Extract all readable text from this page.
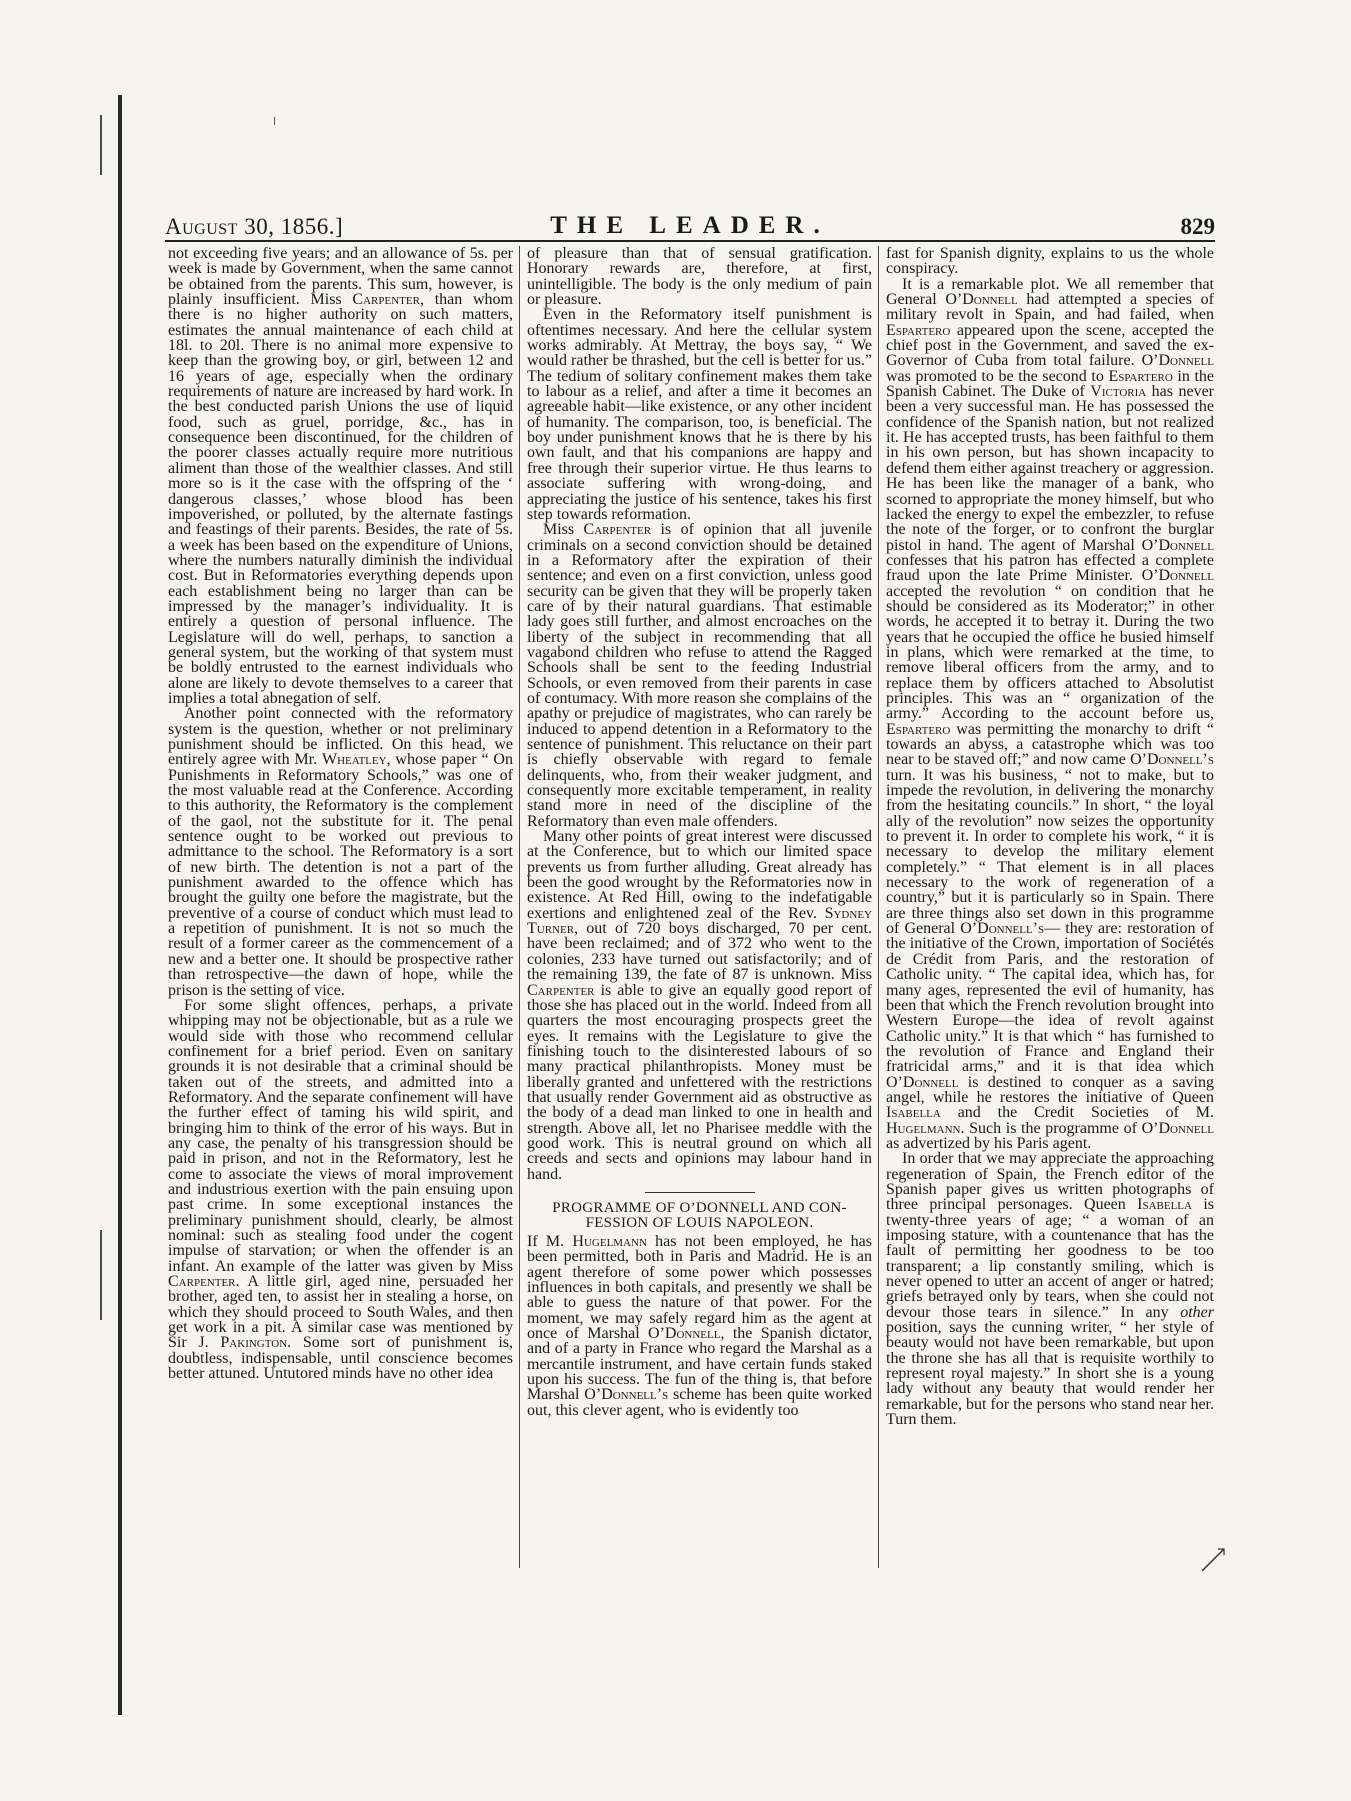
August 30, 1856.]	THE LEADER.	829

not exceeding five years; and an allowance of 5s. per week is made by Government, when the same cannot be obtained from the parents. This sum, however, is plainly insufficient. Miss Carpenter, than whom there is no higher authority on such matters, estimates the annual maintenance of each child at 18l. to 20l. There is no animal more expensive to keep than the growing boy, or girl, between 12 and 16 years of age, especially when the ordinary requirements of nature are increased by hard work. In the best conducted parish Unions the use of liquid food, such as gruel, porridge, &c., has in consequence been discontinued, for the children of the poorer classes actually require more nutritious aliment than those of the wealthier classes. And still more so is it the case with the offspring of the ‘ dangerous classes,’ whose blood has been impoverished, or polluted, by the alternate fastings and feastings of their parents. Besides, the rate of 5s. a week has been based on the expenditure of Unions, where the numbers naturally diminish the individual cost. But in Reformatories everything depends upon each establishment being no larger than can be impressed by the manager’s individuality. It is entirely a question of personal influence. The Legislature will do well, perhaps, to sanction a general system, but the working of that system must be boldly entrusted to the earnest individuals who alone are likely to devote themselves to a career that implies a total abnegation of self.

Another point connected with the reformatory system is the question, whether or not preliminary punishment should be inflicted. On this head, we entirely agree with Mr. Wheatley, whose paper “ On Punishments in Reformatory Schools,” was one of the most valuable read at the Conference. According to this authority, the Reformatory is the complement of the gaol, not the substitute for it. The penal sentence ought to be worked out previous to admittance to the school. The Reformatory is a sort of new birth. The detention is not a part of the punishment awarded to the offence which has brought the guilty one before the magistrate, but the preventive of a course of conduct which must lead to a repetition of punishment. It is not so much the result of a former career as the commencement of a new and a better one. It should be prospective rather than retrospective—the dawn of hope, while the prison is the setting of vice.

For some slight offences, perhaps, a private whipping may not be objectionable, but as a rule we would side with those who recommend cellular confinement for a brief period. Even on sanitary grounds it is not desirable that a criminal should be taken out of the streets, and admitted into a Reformatory. And the separate confinement will have the further effect of taming his wild spirit, and bringing him to think of the error of his ways. But in any case, the penalty of his transgression should be paid in prison, and not in the Reformatory, lest he come to associate the views of moral improvement and industrious exertion with the pain ensuing upon past crime. In some exceptional instances the preliminary punishment should, clearly, be almost nominal: such as stealing food under the cogent impulse of starvation; or when the offender is an infant. An example of the latter was given by Miss Carpenter. A little girl, aged nine, persuaded her brother, aged ten, to assist her in stealing a horse, on which they should proceed to South Wales, and then get work in a pit. A similar case was mentioned by Sir J. Pakington. Some sort of punishment is, doubtless, indispensable, until conscience becomes better attuned. Untutored minds have no other idea

of pleasure than that of sensual gratification. Honorary rewards are, therefore, at first, unintelligible. The body is the only medium of pain or pleasure.

Even in the Reformatory itself punishment is oftentimes necessary. And here the cellular system works admirably. At Mettray, the boys say, “ We would rather be thrashed, but the cell is better for us.” The tedium of solitary confinement makes them take to labour as a relief, and after a time it becomes an agreeable habit—like existence, or any other incident of humanity. The comparison, too, is beneficial. The boy under punishment knows that he is there by his own fault, and that his companions are happy and free through their superior virtue. He thus learns to associate suffering with wrong-doing, and appreciating the justice of his sentence, takes his first step towards reformation.

Miss Carpenter is of opinion that all juvenile criminals on a second conviction should be detained in a Reformatory after the expiration of their sentence; and even on a first conviction, unless good security can be given that they will be properly taken care of by their natural guardians. That estimable lady goes still further, and almost encroaches on the liberty of the subject in recommending that all vagabond children who refuse to attend the Ragged Schools shall be sent to the feeding Industrial Schools, or even removed from their parents in case of contumacy. With more reason she complains of the apathy or prejudice of magistrates, who can rarely be induced to append detention in a Reformatory to the sentence of punishment. This reluctance on their part is chiefly observable with regard to female delinquents, who, from their weaker judgment, and consequently more excitable temperament, in reality stand more in need of the discipline of the Reformatory than even male offenders.

Many other points of great interest were discussed at the Conference, but to which our limited space prevents us from further alluding. Great already has been the good wrought by the Reformatories now in existence. At Red Hill, owing to the indefatigable exertions and enlightened zeal of the Rev. Sydney Turner, out of 720 boys discharged, 70 per cent. have been reclaimed; and of 372 who went to the colonies, 233 have turned out satisfactorily; and of the remaining 139, the fate of 87 is unknown. Miss Carpenter is able to give an equally good report of those she has placed out in the world. Indeed from all quarters the most encouraging prospects greet the eyes. It remains with the Legislature to give the finishing touch to the disinterested labours of so many practical philanthropists. Money must be liberally granted and unfettered with the restrictions that usually render Government aid as obstructive as the body of a dead man linked to one in health and strength. Above all, let no Pharisee meddle with the good work. This is neutral ground on which all creeds and sects and opinions may labour hand in hand.

PROGRAMME OF O’DONNELL AND CON-
FESSION OF LOUIS NAPOLEON.

If M. Hugelmann has not been employed, he has been permitted, both in Paris and Madrid. He is an agent therefore of some power which possesses influences in both capitals, and presently we shall be able to guess the nature of that power. For the moment, we may safely regard him as the agent at once of Marshal O’Donnell, the Spanish dictator, and of a party in France who regard the Marshal as a mercantile instrument, and have certain funds staked upon his success. The fun of the thing is, that before Marshal O’Donnell’s scheme has been quite worked out, this clever agent, who is evidently too

fast for Spanish dignity, explains to us the whole conspiracy.

It is a remarkable plot. We all remember that General O’Donnell had attempted a species of military revolt in Spain, and had failed, when Espartero appeared upon the scene, accepted the chief post in the Government, and saved the ex-Governor of Cuba from total failure. O’Donnell was promoted to be the second to Espartero in the Spanish Cabinet. The Duke of Victoria has never been a very successful man. He has possessed the confidence of the Spanish nation, but not realized it. He has accepted trusts, has been faithful to them in his own person, but has shown incapacity to defend them either against treachery or aggression. He has been like the manager of a bank, who scorned to appropriate the money himself, but who lacked the energy to expel the embezzler, to refuse the note of the forger, or to confront the burglar pistol in hand. The agent of Marshal O’Donnell confesses that his patron has effected a complete fraud upon the late Prime Minister. O’Donnell accepted the revolution “ on condition that he should be considered as its Moderator;” in other words, he accepted it to betray it. During the two years that he occupied the office he busied himself in plans, which were remarked at the time, to remove liberal officers from the army, and to replace them by officers attached to Absolutist principles. This was an “ organization of the army.” According to the account before us, Espartero was permitting the monarchy to drift “ towards an abyss, a catastrophe which was too near to be staved off;” and now came O’Donnell’s turn. It was his business, “ not to make, but to impede the revolution, in delivering the monarchy from the hesitating councils.” In short, “ the loyal ally of the revolution” now seizes the opportunity to prevent it. In order to complete his work, “ it is necessary to develop the military element completely.” “ That element is in all places necessary to the work of regeneration of a country,” but it is particularly so in Spain. There are three things also set down in this programme of General O’Donnell’s— they are: restoration of the initiative of the Crown, importation of Sociétés de Crédit from Paris, and the restoration of Catholic unity. “ The capital idea, which has, for many ages, represented the evil of humanity, has been that which the French revolution brought into Western Europe—the idea of revolt against Catholic unity.” It is that which “ has furnished to the revolution of France and England their fratricidal arms,” and it is that idea which O’Donnell is destined to conquer as a saving angel, while he restores the initiative of Queen Isabella and the Credit Societies of M. Hugelmann. Such is the programme of O’Donnell as advertized by his Paris agent.

In order that we may appreciate the approaching regeneration of Spain, the French editor of the Spanish paper gives us written photographs of three principal personages. Queen Isabella is twenty-three years of age; “ a woman of an imposing stature, with a countenance that has the fault of permitting her goodness to be too transparent; a lip constantly smiling, which is never opened to utter an accent of anger or hatred; griefs betrayed only by tears, when she could not devour those tears in silence.” In any other position, says the cunning writer, “ her style of beauty would not have been remarkable, but upon the throne she has all that is requisite worthily to represent royal majesty.” In short she is a young lady without any beauty that would render her remarkable, but for the persons who stand near her. Turn them.
